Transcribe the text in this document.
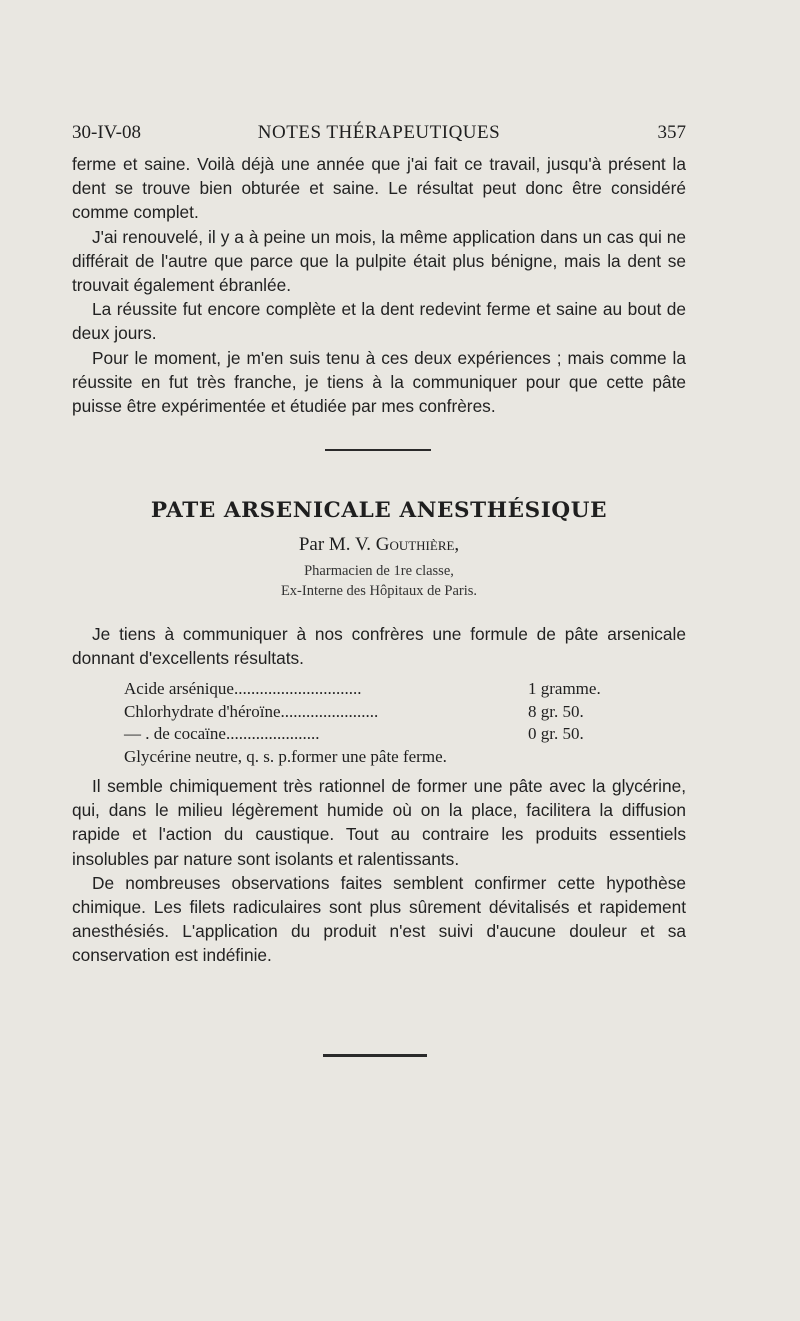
30-IV-08	NOTES THÉRAPEUTIQUES	357

ferme et saine. Voilà déjà une année que j'ai fait ce travail, jusqu'à présent la dent se trouve bien obturée et saine. Le résultat peut donc être considéré comme complet.

J'ai renouvelé, il y a à peine un mois, la même application dans un cas qui ne différait de l'autre que parce que la pulpite était plus bénigne, mais la dent se trouvait également ébranlée.

La réussite fut encore complète et la dent redevint ferme et saine au bout de deux jours.

Pour le moment, je m'en suis tenu à ces deux expériences ; mais comme la réussite en fut très franche, je tiens à la communiquer pour que cette pâte puisse être expérimentée et étudiée par mes confrères.

PATE ARSENICALE ANESTHÉSIQUE
Par M. V. Gouthière,
Pharmacien de 1re classe,
Ex-Interne des Hôpitaux de Paris.

Je tiens à communiquer à nos confrères une formule de pâte arsenicale donnant d'excellents résultats.

Acide arsénique..............................	1 gramme.
Chlorhydrate d'héroïne.......................	8 gr. 50.
— . de cocaïne......................	0 gr. 50.
Glycérine neutre, q. s. p.former une pâte ferme.

Il semble chimiquement très rationnel de former une pâte avec la glycérine, qui, dans le milieu légèrement humide où on la place, facilitera la diffusion rapide et l'action du caustique. Tout au contraire les produits essentiels insolubles par nature sont isolants et ralentissants.

De nombreuses observations faites semblent confirmer cette hypothèse chimique. Les filets radiculaires sont plus sûrement dévitalisés et rapidement anesthésiés. L'application du produit n'est suivi d'aucune douleur et sa conservation est indéfinie.
